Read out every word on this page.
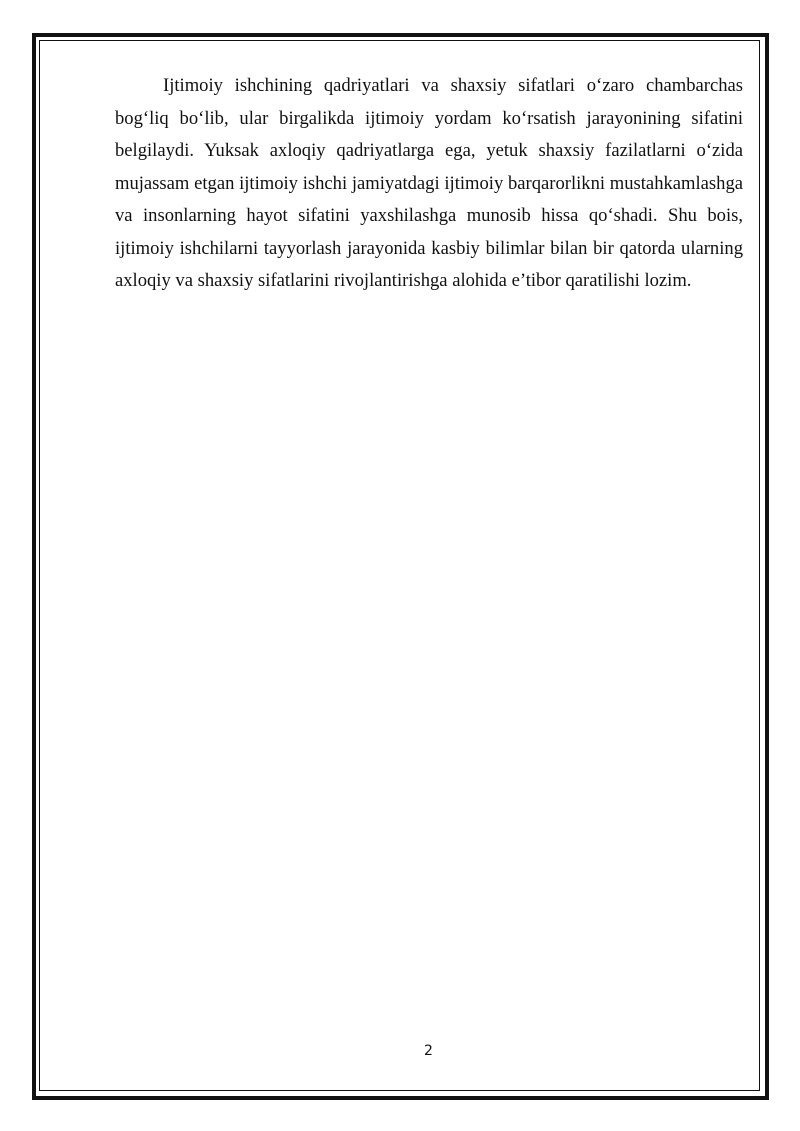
Ijtimoiy ishchining qadriyatlari va shaxsiy sifatlari o‘zaro chambarchas bog‘liq bo‘lib, ular birgalikda ijtimoiy yordam ko‘rsatish jarayonining sifatini belgilaydi. Yuksak axloqiy qadriyatlarga ega, yetuk shaxsiy fazilatlarni o‘zida mujassam etgan ijtimoiy ishchi jamiyatdagi ijtimoiy barqarorlikni mustahkamlashga va insonlarning hayot sifatini yaxshilashga munosib hissa qo‘shadi. Shu bois, ijtimoiy ishchilarni tayyorlash jarayonida kasbiy bilimlar bilan bir qatorda ularning axloqiy va shaxsiy sifatlarini rivojlantirishga alohida e’tibor qaratilishi lozim.

2
